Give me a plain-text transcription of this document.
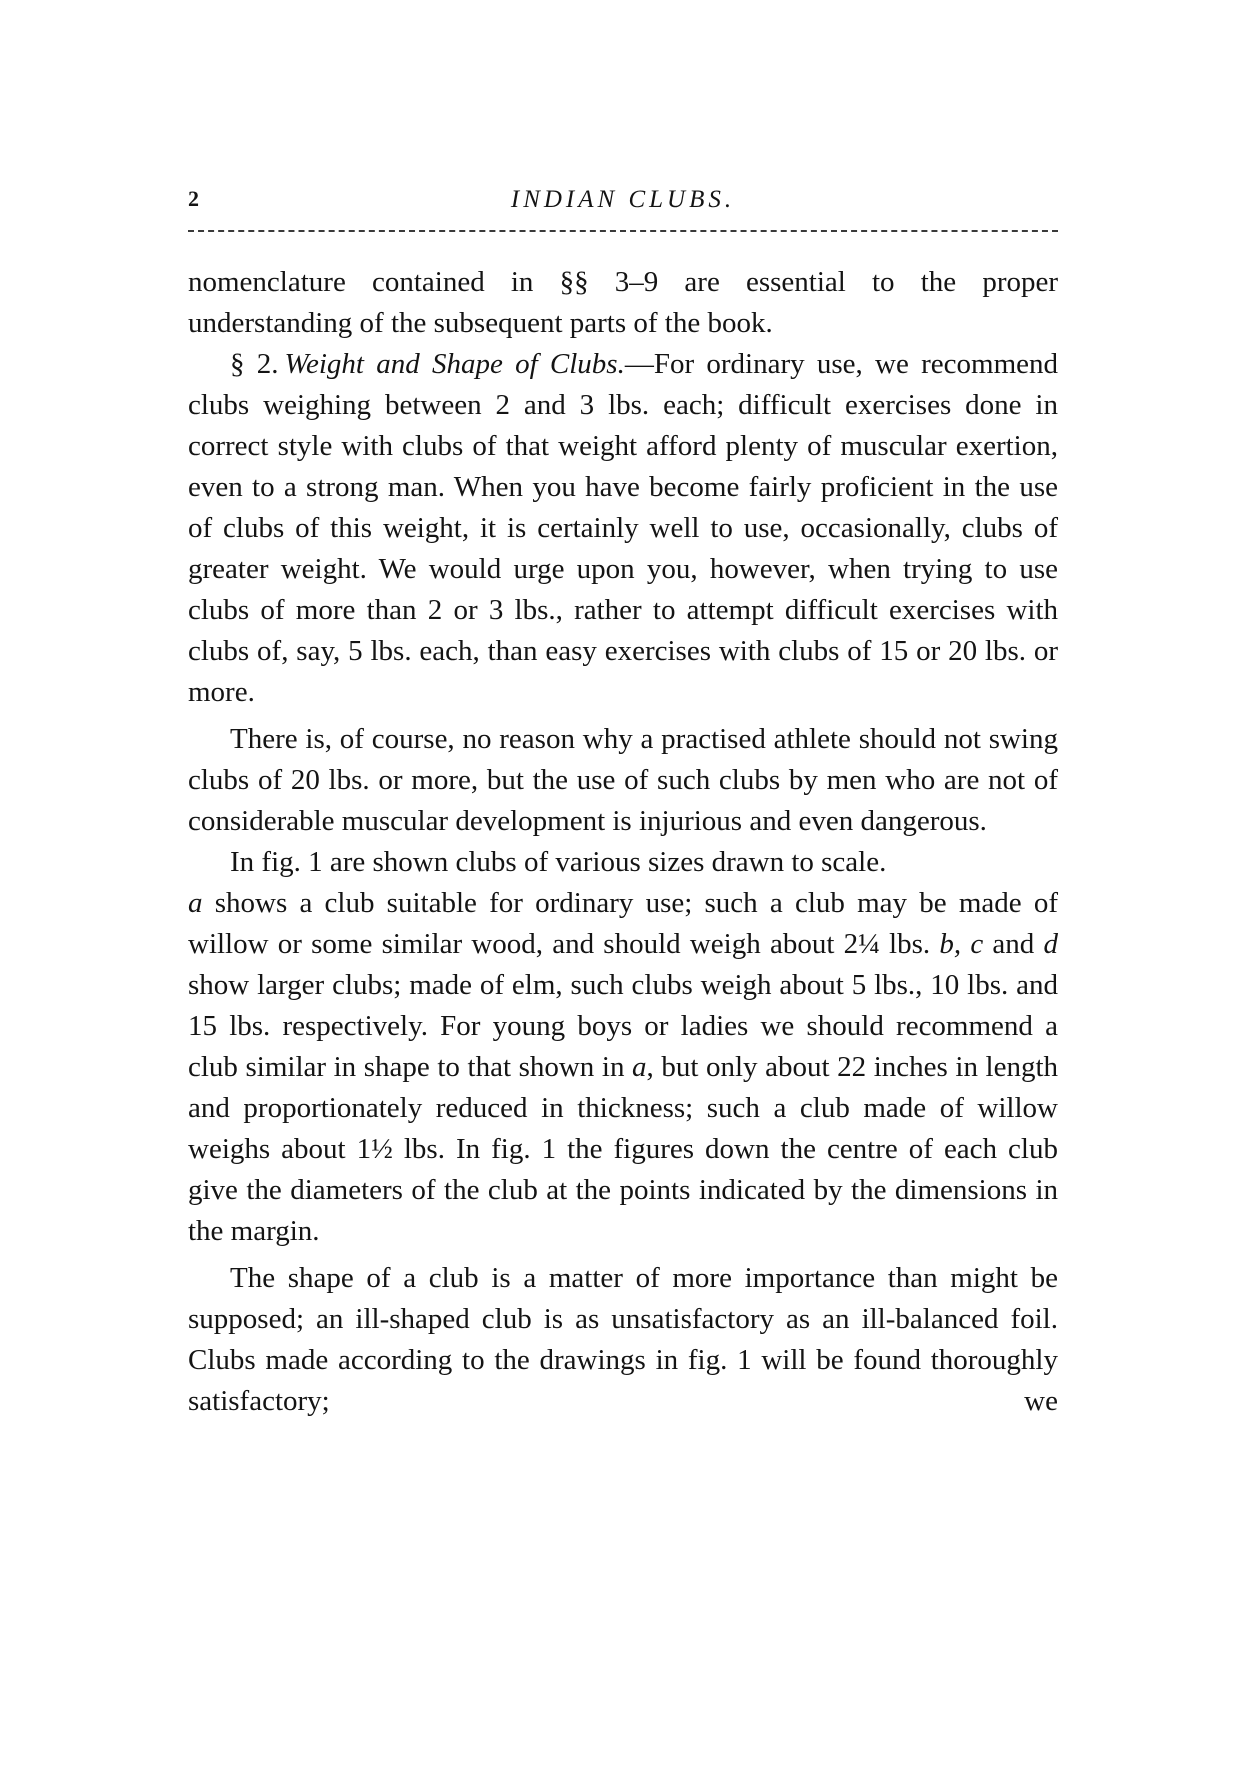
2	INDIAN CLUBS.

nomenclature contained in §§ 3–9 are essential to the proper understanding of the subsequent parts of the book.

§ 2. Weight and Shape of Clubs.—For ordinary use, we recommend clubs weighing between 2 and 3 lbs. each; difficult exercises done in correct style with clubs of that weight afford plenty of muscular exertion, even to a strong man. When you have become fairly proficient in the use of clubs of this weight, it is certainly well to use, occasionally, clubs of greater weight. We would urge upon you, however, when trying to use clubs of more than 2 or 3 lbs., rather to attempt difficult exercises with clubs of, say, 5 lbs. each, than easy exercises with clubs of 15 or 20 lbs. or more.

There is, of course, no reason why a practised athlete should not swing clubs of 20 lbs. or more, but the use of such clubs by men who are not of considerable muscular development is injurious and even dangerous.

In fig. 1 are shown clubs of various sizes drawn to scale.
a shows a club suitable for ordinary use; such a club may be made of willow or some similar wood, and should weigh about 2¼ lbs. b, c and d show larger clubs; made of elm, such clubs weigh about 5 lbs., 10 lbs. and 15 lbs. respectively. For young boys or ladies we should recommend a club similar in shape to that shown in a, but only about 22 inches in length and proportionately reduced in thickness; such a club made of willow weighs about 1½ lbs. In fig. 1 the figures down the centre of each club give the diameters of the club at the points indicated by the dimensions in the margin.

The shape of a club is a matter of more importance than might be supposed; an ill-shaped club is as unsatisfactory as an ill-balanced foil. Clubs made according to the drawings in fig. 1 will be found thoroughly satisfactory; we
